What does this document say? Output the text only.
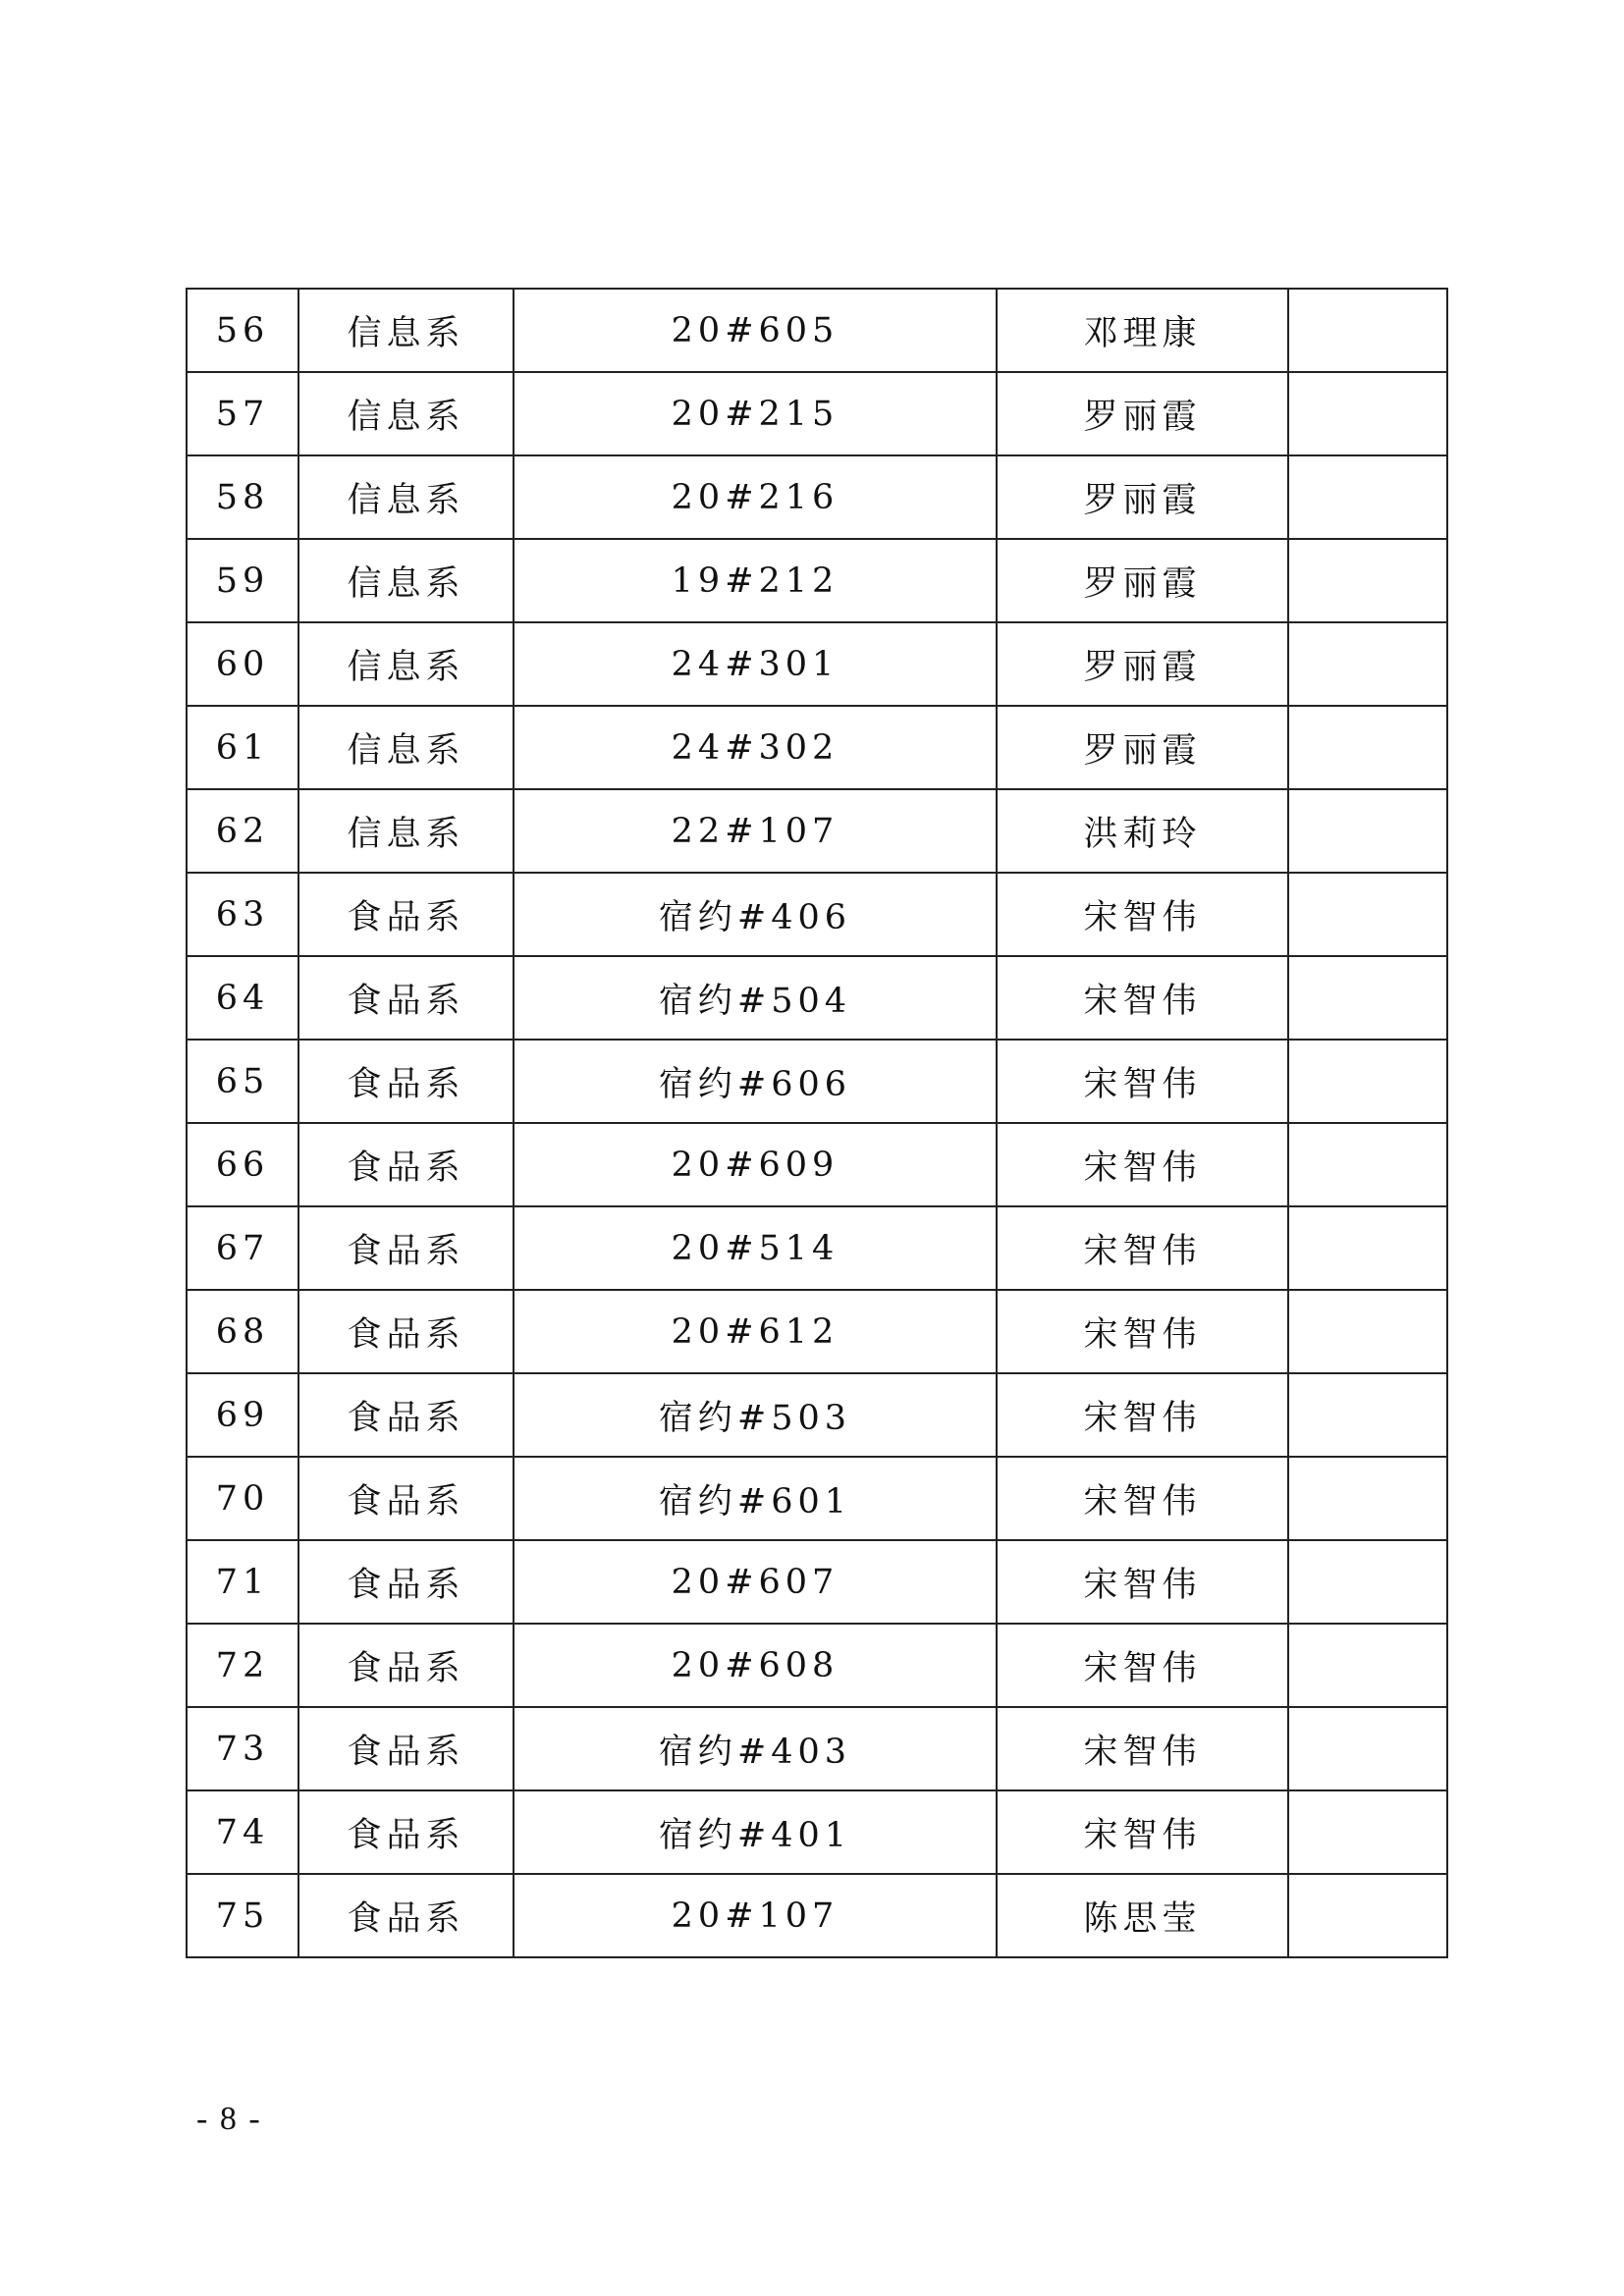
56	信息系	20#605	邓理康	
57	信息系	20#215	罗丽霞	
58	信息系	20#216	罗丽霞	
59	信息系	19#212	罗丽霞	
60	信息系	24#301	罗丽霞	
61	信息系	24#302	罗丽霞	
62	信息系	22#107	洪莉玲	
63	食品系	宿约#406	宋智伟	
64	食品系	宿约#504	宋智伟	
65	食品系	宿约#606	宋智伟	
66	食品系	20#609	宋智伟	
67	食品系	20#514	宋智伟	
68	食品系	20#612	宋智伟	
69	食品系	宿约#503	宋智伟	
70	食品系	宿约#601	宋智伟	
71	食品系	20#607	宋智伟	
72	食品系	20#608	宋智伟	
73	食品系	宿约#403	宋智伟	
74	食品系	宿约#401	宋智伟	
75	食品系	20#107	陈思莹	
- 8 -
